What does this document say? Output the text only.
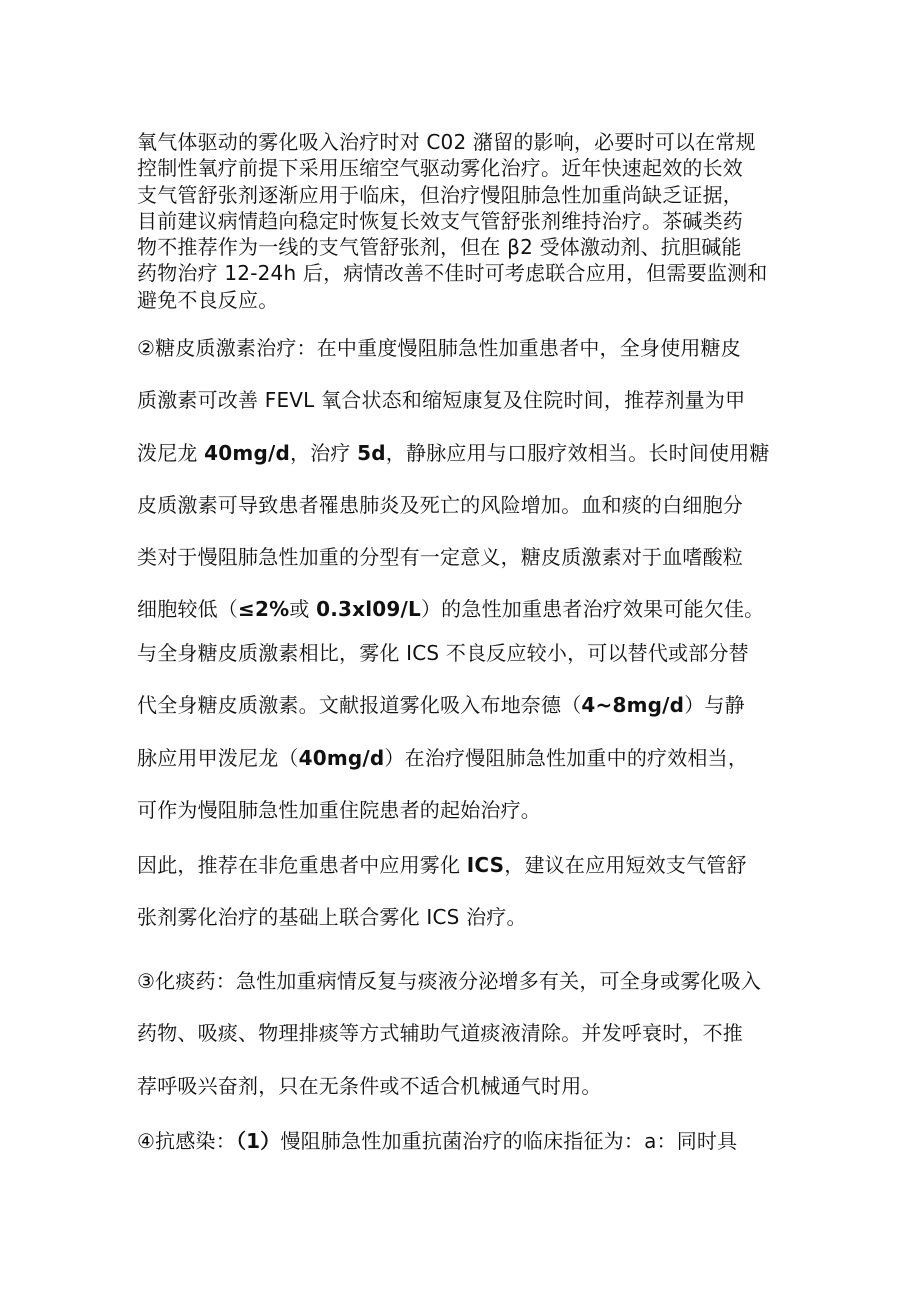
氧气体驱动的雾化吸入治疗时对 C02 潴留的影响，必要时可以在常规
控制性氧疗前提下采用压缩空气驱动雾化治疗。近年快速起效的长效
支气管舒张剂逐渐应用于临床，但治疗慢阻肺急性加重尚缺乏证据，
目前建议病情趋向稳定时恢复长效支气管舒张剂维持治疗。茶碱类药
物不推荐作为一线的支气管舒张剂，但在 β2 受体激动剂、抗胆碱能
药物治疗 12-24h 后，病情改善不佳时可考虑联合应用，但需要监测和
避免不良反应。

②糖皮质激素治疗：在中重度慢阻肺急性加重患者中，全身使用糖皮
质激素可改善 FEVL 氧合状态和缩短康复及住院时间，推荐剂量为甲
泼尼龙 40mg/d，治疗 5d，静脉应用与口服疗效相当。长时间使用糖
皮质激素可导致患者罹患肺炎及死亡的风险增加。血和痰的白细胞分
类对于慢阻肺急性加重的分型有一定意义，糖皮质激素对于血嗜酸粒
细胞较低（≤2%或 0.3xl09/L）的急性加重患者治疗效果可能欠佳。

与全身糖皮质激素相比，雾化 ICS 不良反应较小，可以替代或部分替
代全身糖皮质激素。文献报道雾化吸入布地奈德（4~8mg/d）与静
脉应用甲泼尼龙（40mg/d）在治疗慢阻肺急性加重中的疗效相当，
可作为慢阻肺急性加重住院患者的起始治疗。

因此，推荐在非危重患者中应用雾化 ICS，建议在应用短效支气管舒
张剂雾化治疗的基础上联合雾化 ICS 治疗。

③化痰药：急性加重病情反复与痰液分泌增多有关，可全身或雾化吸入
药物、吸痰、物理排痰等方式辅助气道痰液清除。并发呼衰时，不推
荐呼吸兴奋剂，只在无条件或不适合机械通气时用。

④抗感染：（1）慢阻肺急性加重抗菌治疗的临床指征为：a：同时具
